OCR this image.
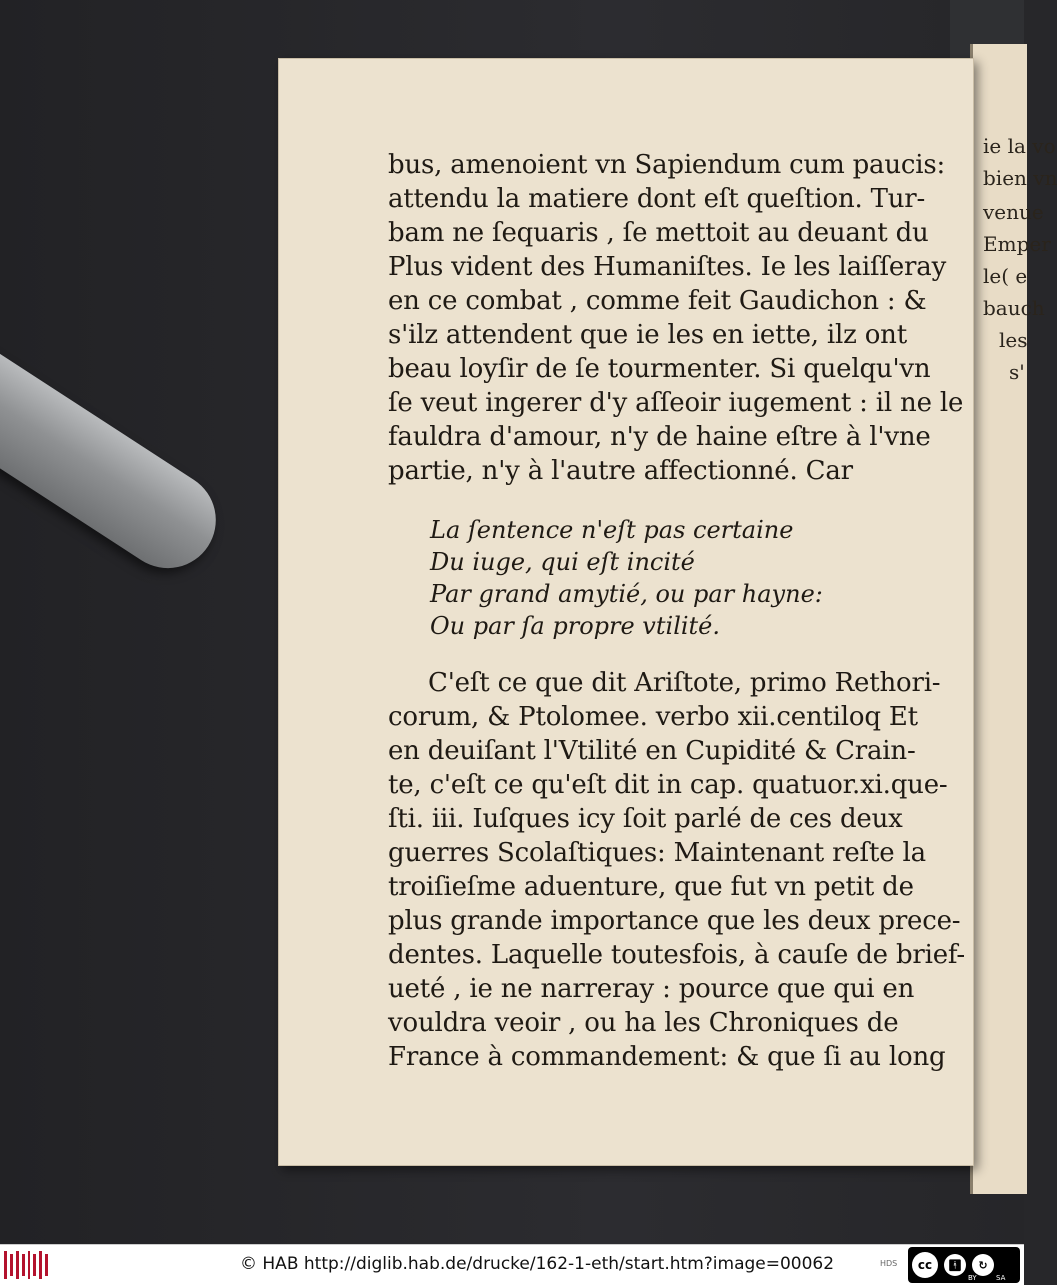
ie la vo
bien vn
venue
Emper
le( e
bauch
les
s'
bus, amenoient vn Sapiendum cum paucis:
attendu la matiere dont eſt queſtion. Tur-
bam ne ſequaris , ſe mettoit au deuant du
Plus vident des Humaniſtes. Ie les laiſſeray
en ce combat , comme feit Gaudichon : &
s'ilz attendent que ie les en iette, ilz ont
beau loyſir de ſe tourmenter. Si quelqu'vn
ſe veut ingerer d'y aſſeoir iugement : il ne le
fauldra d'amour, n'y de haine eſtre à l'vne
partie, n'y à l'autre affectionné. Car
La ſentence n'eſt pas certaine
Du iuge, qui eſt incité
Par grand amytié, ou par hayne:
Ou par ſa propre vtilité.
C'eſt ce que dit Ariſtote, primo Rethori-
corum, & Ptolomee. verbo xii.centiloq Et
en deuiſant l'Vtilité en Cupidité & Crain-
te, c'eſt ce qu'eſt dit in cap. quatuor.xi.que-
ſti. iii. Iuſques icy ſoit parlé de ces deux
guerres Scolaſtiques: Maintenant reſte la
troiſieſme aduenture, que fut vn petit de
plus grande importance que les deux prece-
dentes. Laquelle toutesfois, à cauſe de brief-
ueté , ie ne narreray : pource que qui en
vouldra veoir , ou ha les Chroniques de
France à commandement: & que ſi au long
© HAB http://diglib.hab.de/drucke/162-1-eth/start.htm?image=00062	HDS	cc	🚹︎	↻
BY	SA
